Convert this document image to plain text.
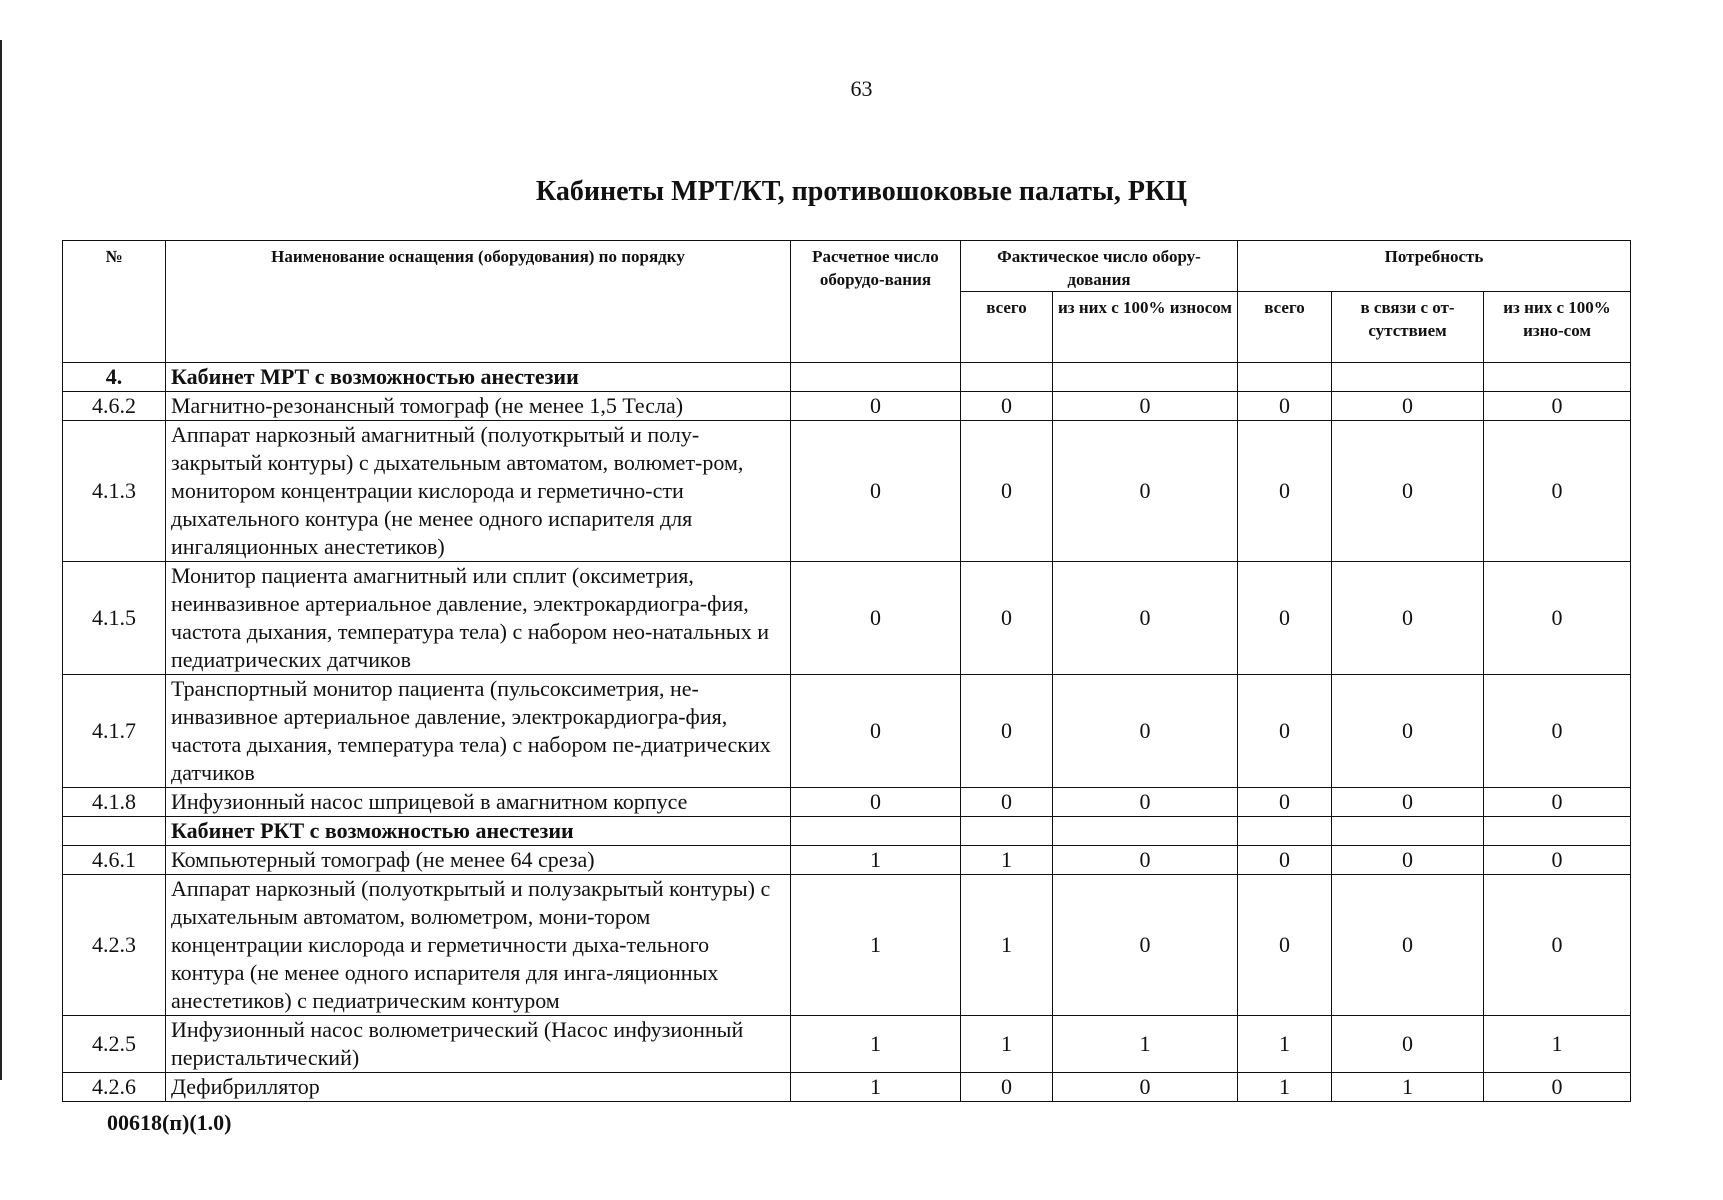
63
Кабинеты МРТ/КТ, противошоковые палаты, РКЦ
№	Наименование оснащения (оборудования) по порядку	Расчетное число оборудо-вания	Фактическое число обору-дования		Потребность		
			всего	из них с 100% износом	всего	в связи с от-сутствием	из них с 100% изно-сом
4.	Кабинет МРТ с возможностью анестезии						
4.6.2	Магнитно-резонансный томограф (не менее 1,5 Тесла)	0	0	0	0	0	0
4.1.3	Аппарат наркозный амагнитный (полуоткрытый и полу-закрытый контуры) с дыхательным автоматом, волюмет-ром, монитором концентрации кислорода и герметично-сти дыхательного контура (не менее одного испарителя для ингаляционных анестетиков)	0	0	0	0	0	0
4.1.5	Монитор пациента амагнитный или сплит (оксиметрия, неинвазивное артериальное давление, электрокардиогра-фия, частота дыхания, температура тела) с набором нео-натальных и педиатрических датчиков	0	0	0	0	0	0
4.1.7	Транспортный монитор пациента (пульсоксиметрия, не-инвазивное артериальное давление, электрокардиогра-фия, частота дыхания, температура тела) с набором пе-диатрических датчиков	0	0	0	0	0	0
4.1.8	Инфузионный насос шприцевой в амагнитном корпусе	0	0	0	0	0	0
	Кабинет РКТ с возможностью анестезии						
4.6.1	Компьютерный томограф (не менее 64 среза)	1	1	0	0	0	0
4.2.3	Аппарат наркозный (полуоткрытый и полузакрытый контуры) с дыхательным автоматом, волюметром, мони-тором концентрации кислорода и герметичности дыха-тельного контура (не менее одного испарителя для инга-ляционных анестетиков) с педиатрическим контуром	1	1	0	0	0	0
4.2.5	Инфузионный насос волюметрический (Насос инфузионный перистальтический)	1	1	1	1	0	1
4.2.6	Дефибриллятор	1	0	0	1	1	0
00618(п)(1.0)
